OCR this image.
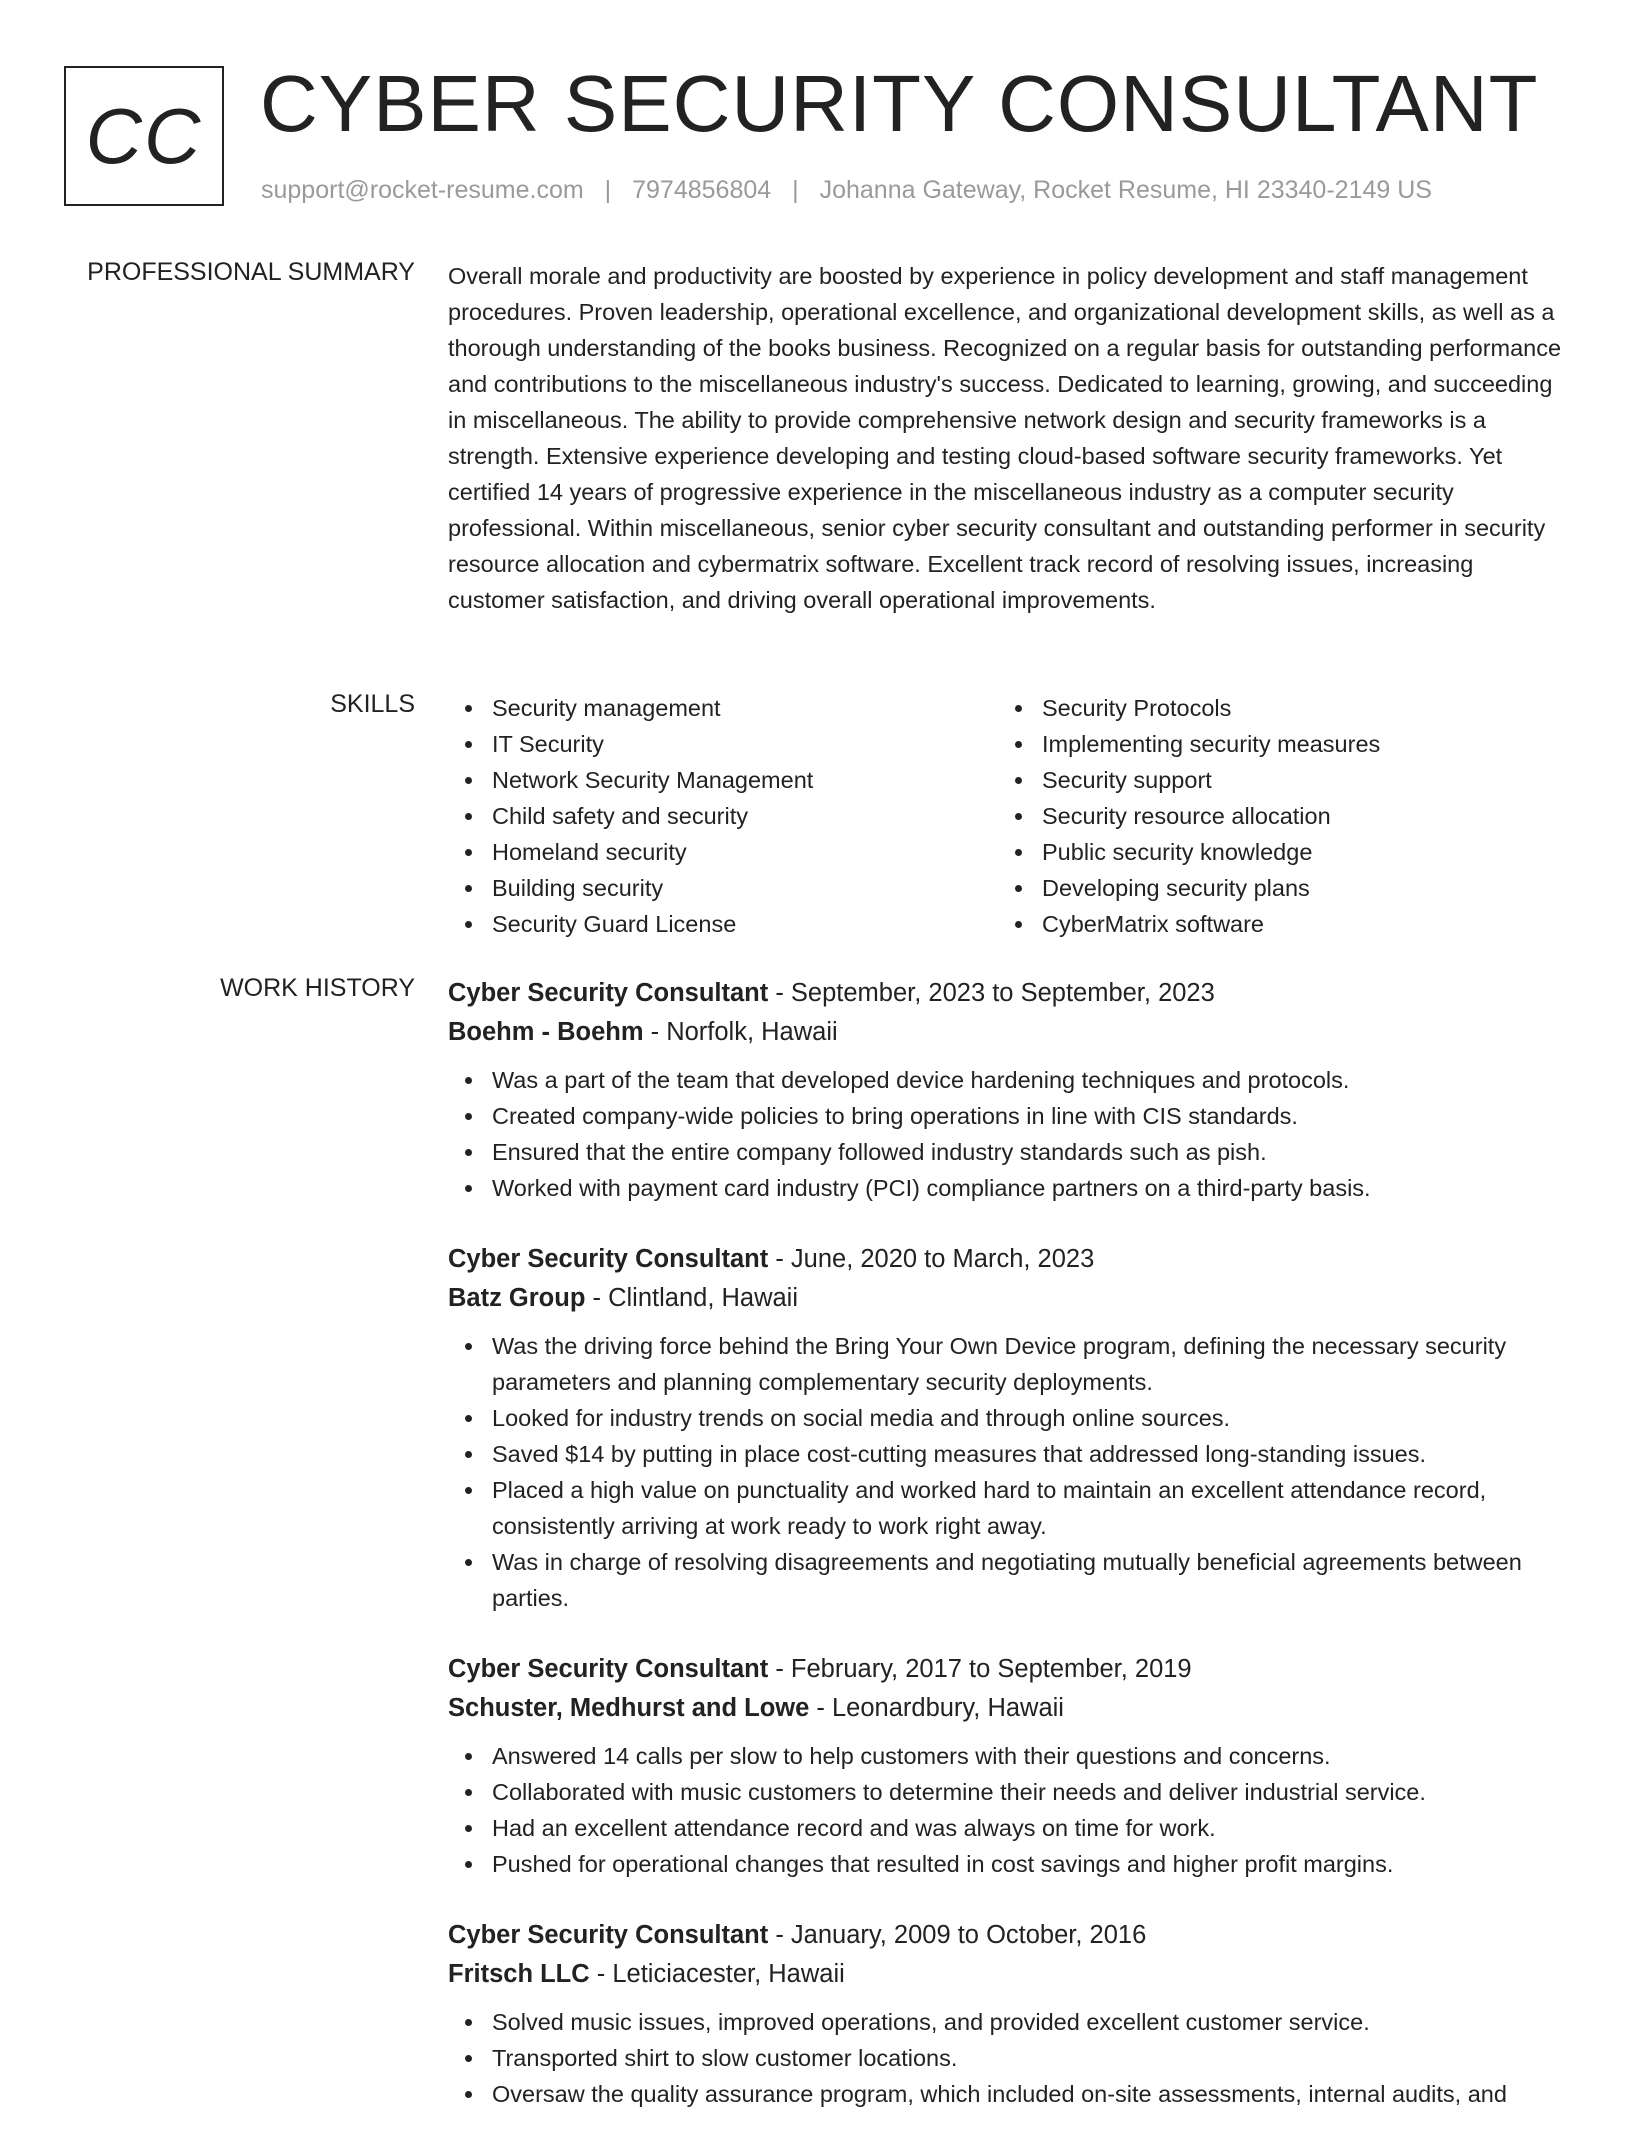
CC CYBER SECURITY CONSULTANT
support@rocket-resume.com | 7974856804 | Johanna Gateway, Rocket Resume, HI 23340-2149 US
PROFESSIONAL SUMMARY Overall morale and productivity are boosted by experience in policy development and staff management procedures. Proven leadership, operational excellence, and organizational development skills, as well as a thorough understanding of the books business. Recognized on a regular basis for outstanding performance and contributions to the miscellaneous industry's success. Dedicated to learning, growing, and succeeding in miscellaneous. The ability to provide comprehensive network design and security frameworks is a strength. Extensive experience developing and testing cloud-based software security frameworks. Yet certified 14 years of progressive experience in the miscellaneous industry as a computer security professional. Within miscellaneous, senior cyber security consultant and outstanding performer in security resource allocation and cybermatrix software. Excellent track record of resolving issues, increasing customer satisfaction, and driving overall operational improvements.

SKILLS	Security management
IT Security
Network Security Management
Child safety and security
Homeland security
Building security
Security Guard License
Security Protocols
Implementing security measures
Security support
Security resource allocation
Public security knowledge
Developing security plans
CyberMatrix software
WORK HISTORY Cyber Security Consultant - September, 2023 to September, 2023
Boehm - Boehm - Norfolk, Hawaii
Was a part of the team that developed device hardening techniques and protocols.
Created company-wide policies to bring operations in line with CIS standards.
Ensured that the entire company followed industry standards such as pish.
Worked with payment card industry (PCI) compliance partners on a third-party basis.
Cyber Security Consultant - June, 2020 to March, 2023
Batz Group - Clintland, Hawaii
Was the driving force behind the Bring Your Own Device program, defining the necessary security parameters and planning complementary security deployments.
Looked for industry trends on social media and through online sources.
Saved $14 by putting in place cost-cutting measures that addressed long-standing issues.
Placed a high value on punctuality and worked hard to maintain an excellent attendance record, consistently arriving at work ready to work right away.
Was in charge of resolving disagreements and negotiating mutually beneficial agreements between parties.
Cyber Security Consultant - February, 2017 to September, 2019
Schuster, Medhurst and Lowe - Leonardbury, Hawaii
Answered 14 calls per slow to help customers with their questions and concerns.
Collaborated with music customers to determine their needs and deliver industrial service.
Had an excellent attendance record and was always on time for work.
Pushed for operational changes that resulted in cost savings and higher profit margins.
Cyber Security Consultant - January, 2009 to October, 2016
Fritsch LLC - Leticiacester, Hawaii
Solved music issues, improved operations, and provided excellent customer service.
Transported shirt to slow customer locations.
Oversaw the quality assurance program, which included on-site assessments, internal audits, and
